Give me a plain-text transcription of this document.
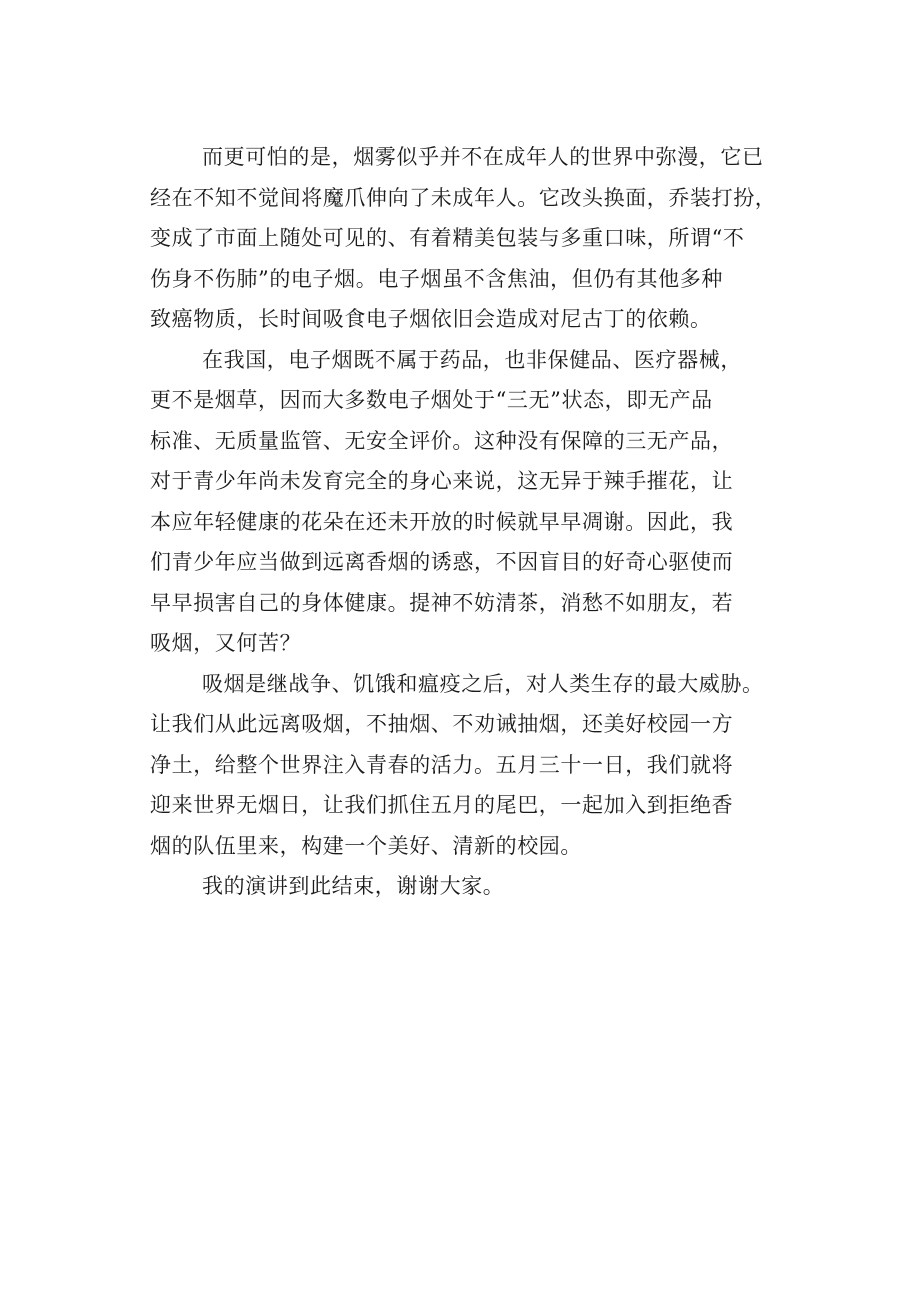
而更可怕的是，烟雾似乎并不在成年人的世界中弥漫，它已
经在不知不觉间将魔爪伸向了未成年人。它改头换面，乔装打扮，
变成了市面上随处可见的、有着精美包装与多重口味，所谓“不
伤身不伤肺”的电子烟。电子烟虽不含焦油，但仍有其他多种
致癌物质，长时间吸食电子烟依旧会造成对尼古丁的依赖。
在我国，电子烟既不属于药品，也非保健品、医疗器械，
更不是烟草，因而大多数电子烟处于“三无”状态，即无产品
标准、无质量监管、无安全评价。这种没有保障的三无产品，
对于青少年尚未发育完全的身心来说，这无异于辣手摧花，让
本应年轻健康的花朵在还未开放的时候就早早凋谢。因此，我
们青少年应当做到远离香烟的诱惑，不因盲目的好奇心驱使而
早早损害自己的身体健康。提神不妨清茶，消愁不如朋友，若
吸烟，又何苦？
吸烟是继战争、饥饿和瘟疫之后，对人类生存的最大威胁。
让我们从此远离吸烟，不抽烟、不劝诫抽烟，还美好校园一方
净土，给整个世界注入青春的活力。五月三十一日，我们就将
迎来世界无烟日，让我们抓住五月的尾巴，一起加入到拒绝香
烟的队伍里来，构建一个美好、清新的校园。
我的演讲到此结束，谢谢大家。
